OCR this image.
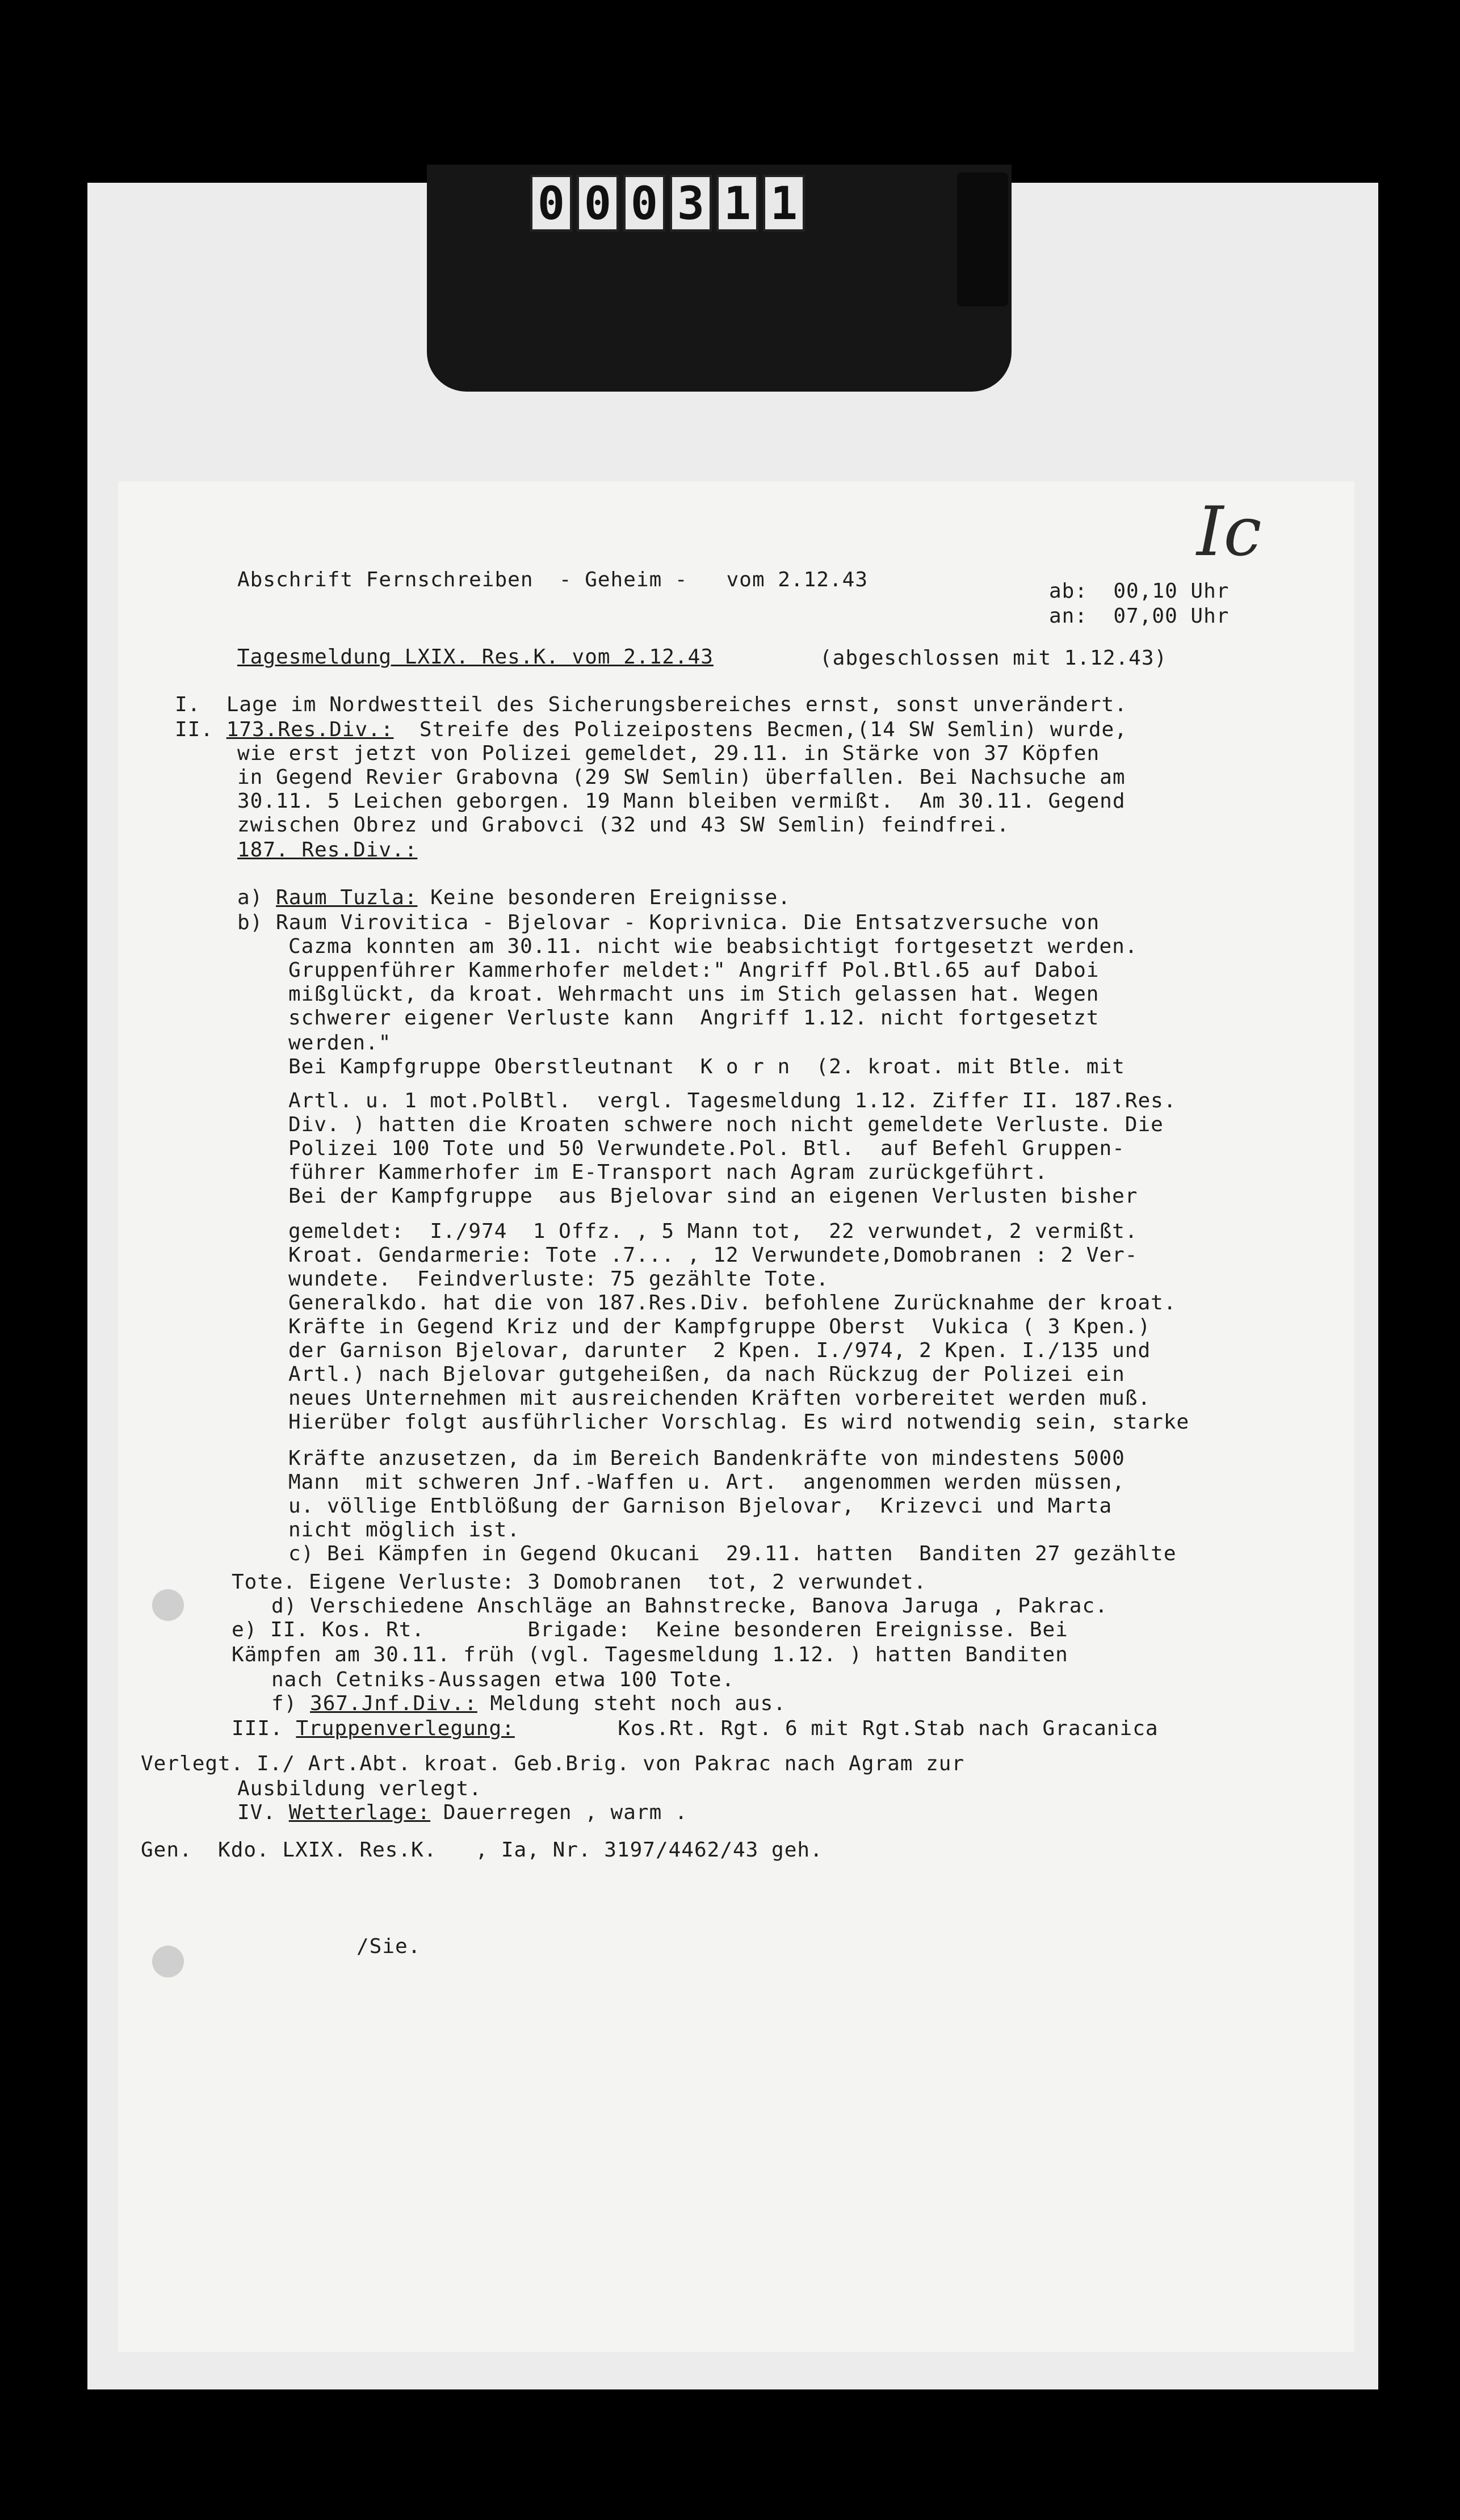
0 0 0 3 1 1
Ic
Abschrift Fernschreiben  - Geheim -   vom 2.12.43	ab:  00,10 Uhr
an:  07,00 Uhr
Tagesmeldung LXIX. Res.K. vom 2.12.43	(abgeschlossen mit 1.12.43)
I.  Lage im Nordwestteil des Sicherungsbereiches ernst, sonst unverändert.
II. 173.Res.Div.:  Streife des Polizeipostens Becmen,(14 SW Semlin) wurde,
wie erst jetzt von Polizei gemeldet, 29.11. in Stärke von 37 Köpfen
in Gegend Revier Grabovna (29 SW Semlin) überfallen. Bei Nachsuche am
30.11. 5 Leichen geborgen. 19 Mann bleiben vermißt.  Am 30.11. Gegend
zwischen Obrez und Grabovci (32 und 43 SW Semlin) feindfrei.
187. Res.Div.:
a) Raum Tuzla: Keine besonderen Ereignisse.
b) Raum Virovitica - Bjelovar - Koprivnica. Die Entsatzversuche von
Cazma konnten am 30.11. nicht wie beabsichtigt fortgesetzt werden.
Gruppenführer Kammerhofer meldet:" Angriff Pol.Btl.65 auf Daboi
mißglückt, da kroat. Wehrmacht uns im Stich gelassen hat. Wegen
schwerer eigener Verluste kann  Angriff 1.12. nicht fortgesetzt
werden."
Bei Kampfgruppe Oberstleutnant  K o r n  (2. kroat. mit Btle. mit
Artl. u. 1 mot.PolBtl.  vergl. Tagesmeldung 1.12. Ziffer II. 187.Res.
Div. ) hatten die Kroaten schwere noch nicht gemeldete Verluste. Die
Polizei 100 Tote und 50 Verwundete.Pol. Btl.  auf Befehl Gruppen-
führer Kammerhofer im E-Transport nach Agram zurückgeführt.
Bei der Kampfgruppe  aus Bjelovar sind an eigenen Verlusten bisher
gemeldet:  I./974  1 Offz. , 5 Mann tot,  22 verwundet, 2 vermißt.
Kroat. Gendarmerie: Tote .7... , 12 Verwundete,Domobranen : 2 Ver-
wundete.  Feindverluste: 75 gezählte Tote.
Generalkdo. hat die von 187.Res.Div. befohlene Zurücknahme der kroat.
Kräfte in Gegend Kriz und der Kampfgruppe Oberst  Vukica ( 3 Kpen.)
der Garnison Bjelovar, darunter  2 Kpen. I./974, 2 Kpen. I./135 und
Artl.) nach Bjelovar gutgeheißen, da nach Rückzug der Polizei ein
neues Unternehmen mit ausreichenden Kräften vorbereitet werden muß.
Hierüber folgt ausführlicher Vorschlag. Es wird notwendig sein, starke
Kräfte anzusetzen, da im Bereich Bandenkräfte von mindestens 5000
Mann  mit schweren Jnf.-Waffen u. Art.  angenommen werden müssen,
u. völlige Entblößung der Garnison Bjelovar,  Krizevci und Marta
nicht möglich ist.
c) Bei Kämpfen in Gegend Okucani  29.11. hatten  Banditen 27 gezählte
Tote. Eigene Verluste: 3 Domobranen  tot, 2 verwundet.
d) Verschiedene Anschläge an Bahnstrecke, Banova Jaruga , Pakrac.
e) II. Kos. Rt.        Brigade:  Keine besonderen Ereignisse. Bei
Kämpfen am 30.11. früh (vgl. Tagesmeldung 1.12. ) hatten Banditen
nach Cetniks-Aussagen etwa 100 Tote.
f) 367.Jnf.Div.: Meldung steht noch aus.
III. Truppenverlegung:        Kos.Rt. Rgt. 6 mit Rgt.Stab nach Gracanica
Verlegt. I./ Art.Abt. kroat. Geb.Brig. von Pakrac nach Agram zur
Ausbildung verlegt.
IV. Wetterlage: Dauerregen , warm .
Gen.  Kdo. LXIX. Res.K.   , Ia, Nr. 3197/4462/43 geh.
/Sie.
